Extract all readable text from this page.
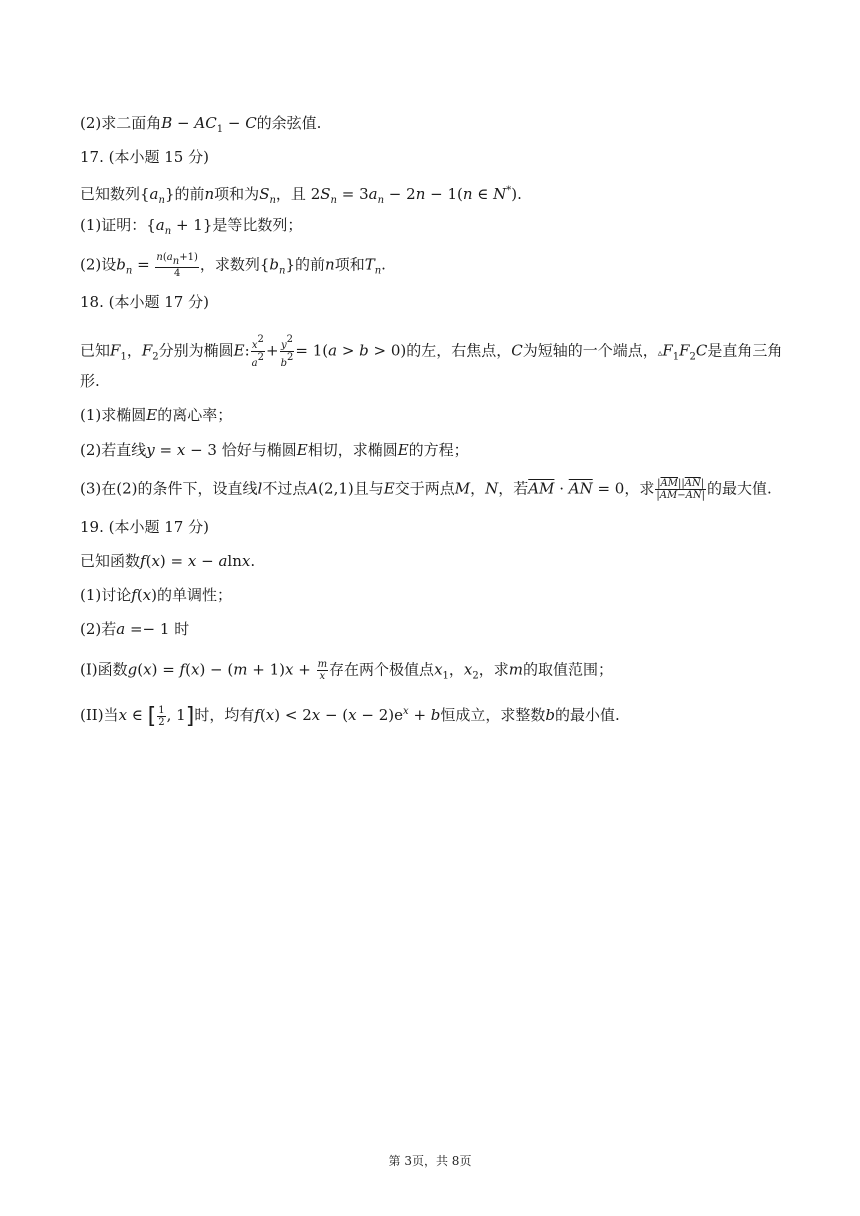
(2)求二面角$B - AC_1 - C$的余弦值.
17. (本小题 15 分)
已知数列$\{a_n\}$的前n项和为$S_n$，且 $2S_n = 3a_n - 2n - 1(n$ ∈ N*).
(1)证明：$\{a_n + 1\}$是等比数列；
(2)设$b_n = \frac{n(an+1)}{4}$ ，求数列$\{b_n\}$的前n项和$T_n$.
18. (本小题 17 分)
已知$F_1$，$F_2$分别为椭圆E: $\frac{x2}{a2} + \frac{y2}{b2} = 1(a > b > 0)$的左，右焦点，C为短轴的一个端点，$▵F_1F_2C$是直角三角
形.
(1)求椭圆E的离心率；
(2)若直线y = x − 3 恰好与椭圆E相切，求椭圆E的方程；
(3)在(2)的条件下，设直线l不过点A(2,1)且与E交于两点M，N，若$\overline{AM} \cdot \overline{AN} = 0$，求 $\frac{|\overline{AM}||\overline{AN}|}{|\overline{AM}-\overline{AN}|}$ 的最大值.
19. (本小题 17 分)
已知函数f(x) = x − alnx.
(1)讨论f(x)的单调性；
(2)若a =− 1 时
(I)函数$g(x) = f(x) - (m + 1)x + \frac{m}{x}$ 存在两个极值点$x_1$，$x_2$，求m的取值范围；
(II)当x ∈ [ $\frac{1}{2}$ , 1]时，均有$f(x) < 2x - (x - 2)e^x + b$恒成立，求整数b的最小值.
第 3页，共 8页
